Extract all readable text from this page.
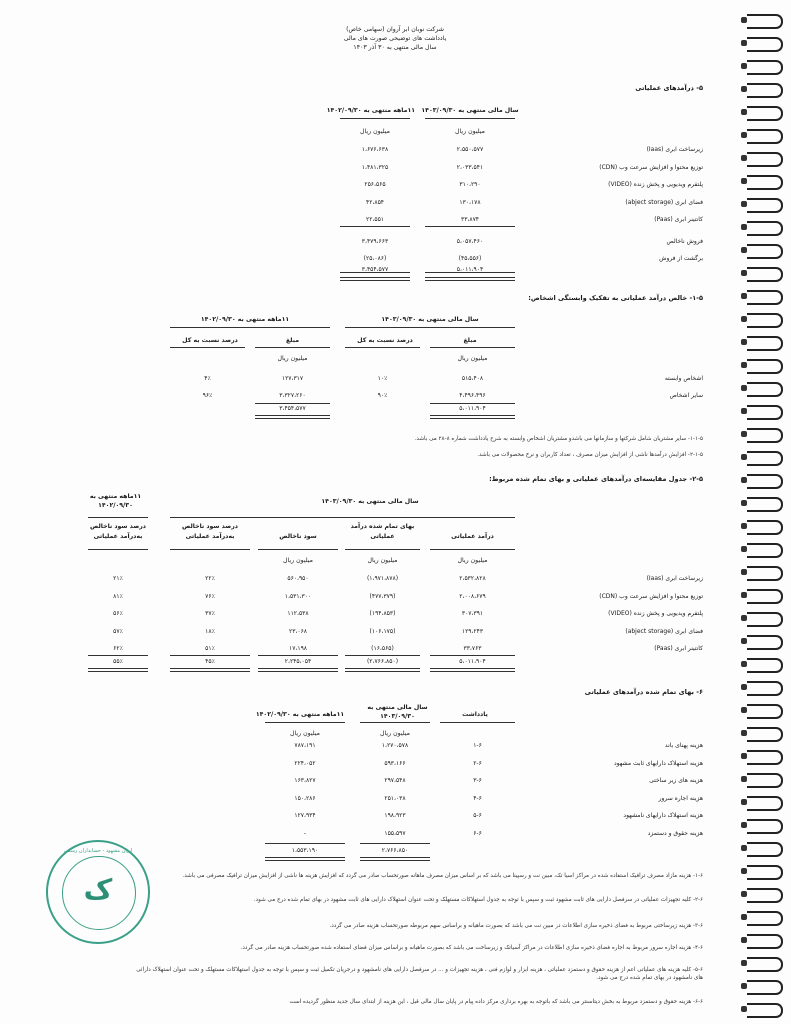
شرکت نوبان ابر آروان (سهامی خاص)
یادداشت های توضیحی صورت های مالی
سال مالی منتهی به ۳۰ آذر ۱۴۰۳
۵- درآمدهای عملیاتی
سال مالی منتهی به ۱۴۰۳/۰۹/۳۰
۱۱ماهه منتهی به ۱۴۰۲/۰۹/۳۰
میلیون ریال
میلیون ریال
زیرساخت ابری (Iaas)
۲،۵۵۰،۵۷۷
۱،۶۷۶،۶۳۸
توزیع محتوا و افزایش سرعت وب (CDN)
۲،۰۳۳،۵۴۱
۱،۴۸۱،۳۲۵
پلتفرم ویدیویی و پخش زنده (VIDEO)
۳۱۰،۲۹۰
۲۵۶،۵۶۵
فضای ابری (abject storage)
۱۳۰،۱۷۸
۴۲،۸۵۴
کانتینر ابری (Paas)
۳۳،۸۷۴
۲۲،۵۵۱
فروش ناخالص
۵،۰۵۷،۴۶۰
۳،۴۷۹،۶۶۳
برگشت از فروش
(۴۵،۵۵۶)
(۲۵،۰۸۶)
۵،۰۱۱،۹۰۴
۳،۴۵۴،۵۷۷
۱-۵- خالص درآمد عملیاتی به تفکیک وابستگی اشخاص:
سال مالی منتهی به ۱۴۰۳/۰۹/۳۰
۱۱ماهه منتهی به ۱۴۰۲/۰۹/۳۰
مبلغ
درصد نسبت به کل
مبلغ
درصد نسبت به کل
میلیون ریال
میلیون ریال
اشخاص وابسته
۵۱۵،۴۰۸
۱۰٪
۱۲۷،۳۱۷
۴٪
سایر اشخاص
۴،۴۹۶،۴۹۶
۹۰٪
۳،۳۲۷،۲۶۰
۹۶٪
۵،۰۱۱،۹۰۴
۳،۴۵۴،۵۷۷
۱-۱-۵- سایر مشتریان شامل شرکتها و سازمانها می باشدو مشتریان اشخاص وابسته به شرح یادداشت شماره ۸-۲۸ می باشد.
۲-۱-۵- افزایش درآمدها ناشی از افزایش میزان مصرف ، تعداد کاربران و نرخ محصولات می باشد.
۲-۵- جدول مقایسه‌ای درآمدهای عملیاتی و بهای تمام شده مربوط:
سال مالی منتهی به ۱۴۰۳/۰۹/۳۰
۱۱ماهه منتهی به ۱۴۰۲/۰۹/۳۰
درآمد عملیاتی
بهای تمام شده درآمد عملیاتی
سود ناخالص
درصد سود ناخالص به‌درآمد عملیاتی
درصد سود ناخالص به‌درآمد عملیاتی
میلیون ریال
میلیون ریال
میلیون ریال
زیرساخت ابری (Iaas)
۲،۵۳۲،۸۲۸
(۱،۹۷۱،۸۷۸)
۵۶۰،۹۵۰
۲۲٪
۲۱٪
توزیع محتوا و افزایش سرعت وب (CDN)
۲،۰۰۸،۶۷۹
(۴۷۷،۳۷۹)
۱،۵۳۱،۳۰۰
۷۶٪
۸۱٪
پلتفرم ویدیویی و پخش زنده (VIDEO)
۳۰۷،۳۹۱
(۱۹۴،۸۵۳)
۱۱۲،۵۳۸
۳۷٪
۵۶٪
فضای ابری (abject storage)
۱۲۹،۲۴۳
(۱۰۶،۱۷۵)
۲۳،۰۶۸
۱۸٪
۵۷٪
کانتینر ابری (Paas)
۳۳،۷۶۳
(۱۶،۵۶۵)
۱۷،۱۹۸
۵۱٪
۶۲٪
۵،۰۱۱،۹۰۴
(۲،۷۶۶،۸۵۰)
۲،۲۴۵،۰۵۴
۴۵٪
۵۵٪
۶- بهای تمام شده درآمدهای عملیاتی
یادداشت
سال مالی منتهی به ۱۴۰۳/۰۹/۳۰
۱۱ماهه منتهی به ۱۴۰۲/۰۹/۳۰
میلیون ریال
میلیون ریال
هزینه پهنای باند
۱-۶
۱،۲۷۰،۵۷۸
۷۸۷،۱۹۱
هزینه استهلاک دارایهای ثابت مشهود
۲-۶
۵۹۳،۱۶۶
۲۲۴،۰۵۲
هزینه های زیر ساختی
۳-۶
۲۹۷،۵۴۸
۱۶۳،۸۲۷
هزینه اجاره سرور
۴-۶
۲۵۱،۰۳۸
۱۵۰،۲۸۶
هزینه استهلاک دارایهای نامشهود
۵-۶
۱۹۸،۹۲۳
۱۲۷،۹۳۴
هزینه حقوق و دستمزد
۶-۶
۱۵۵،۵۹۷
-
۲،۷۶۶،۸۵۰
۱،۵۵۳،۱۹۰
۱-۶- هزینه مازاد مصرف ترافیک استفاده شده در مراکز اسیا تک، مبین نت و رسپینا می باشد که بر اساس میزان مصرف ماهانه صورتحساب صادر می گردد که افزایش هزینه ها ناشی از افزایش میزان ترافیک مصرفی می باشد.
۲-۶- کلیه تجهیزات عملیاتی در سرفصل دارایی های ثابت مشهود ثبت و سپس با توجه به جدول استهلاکات مستهلک و تحت عنوان استهلاک دارایی های ثابت مشهود در بهای تمام شده درج می شود.
۳-۶- هزینه زیرساختی مربوط به فضای ذخیره سازی اطلاعات در مبین نت می باشد که بصورت ماهیانه و براساس سهم مربوطه صورتحساب هزینه صادر می گردد.
۴-۶- هزینه اجاره سرور مربوط به اجاره فضای ذخیره سازی اطلاعات در مراکز آسیاتک و زیرساخت می باشد که بصورت ماهیانه و براساس میزان فضای استفاده شده صورتحساب هزینه صادر می گردد.
۵-۶- کلیه هزینه های عملیاتی اعم از هزینه حقوق و دستمزد عملیاتی ، هزینه ابزار و لوازم فنی ، هزینه تجهیزات و ... در سرفصل دارایی های نامشهود و درجریان تکمیل ثبت و سپس با توجه به جدول استهلاکات مستهلک و تحت عنوان استهلاک دارائی های نامشهود در بهای تمام شده درج می شود.
۶-۶- هزینه حقوق و دستمزد مربوط به بخش دیتاسنتر می باشد که باتوجه به بهره برداری مرکز داده پیام در پایان سال مالی قبل ، این هزینه از ابتدای سال جدید منظور گردیده است
ک
ایران مشهود - حسابداران رسمی
